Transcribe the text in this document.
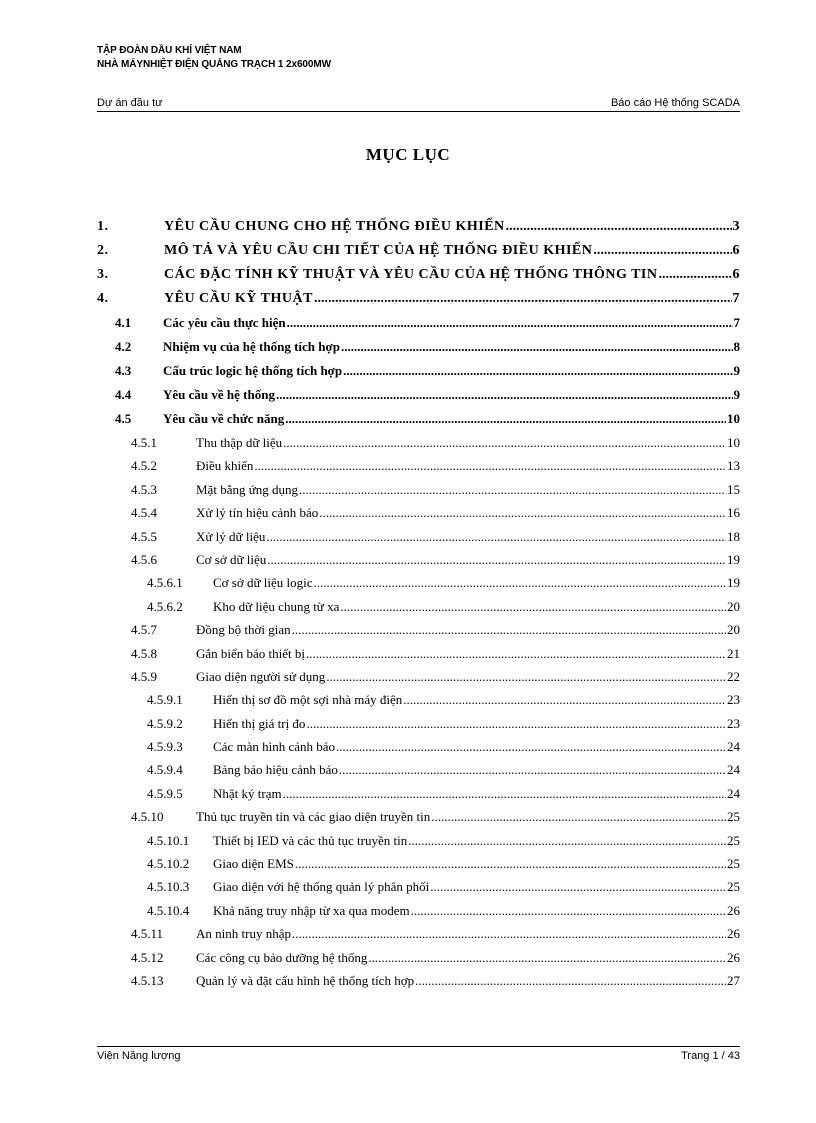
TẬP ĐOÀN DẦU KHÍ VIỆT NAM
NHÀ MÁYNHIỆT ĐIỆN QUẢNG TRẠCH 1 2x600MW
Dự án đầu tư	Báo cáo Hệ thống SCADA
MỤC LỤC
1.	YÊU CẦU CHUNG CHO HỆ THỐNG ĐIỀU KHIỂN .....	3
2.	MÔ TẢ VÀ YÊU CẦU CHI TIẾT CỦA HỆ THỐNG ĐIỀU KHIỂN .....	6
3.	CÁC ĐẶC TÍNH KỸ THUẬT VÀ YÊU CẦU CỦA HỆ THỐNG THÔNG TIN .....	6
4.	YÊU CẦU KỸ THUẬT .....	7
4.1	Các yêu cầu thực hiện .....	7
4.2	Nhiệm vụ của hệ thống tích hợp .....	8
4.3	Cấu trúc logic hệ thống tích hợp .....	9
4.4	Yêu cầu về hệ thống .....	9
4.5	Yêu cầu về chức năng .....	10
4.5.1	Thu thập dữ liệu .....	10
4.5.2	Điều khiển .....	13
4.5.3	Mặt bằng ứng dụng .....	15
4.5.4	Xử lý tín hiệu cảnh báo .....	16
4.5.5	Xử lý dữ liệu .....	18
4.5.6	Cơ sở dữ liệu .....	19
4.5.6.1	Cơ sở dữ liệu logic .....	19
4.5.6.2	Kho dữ liệu chung từ xa .....	20
4.5.7	Đồng bộ thời gian .....	20
4.5.8	Gắn biển báo thiết bị .....	21
4.5.9	Giao diện người sử dụng .....	22
4.5.9.1	Hiển thị sơ đồ một sợi nhà máy điện .....	23
4.5.9.2	Hiển thị giá trị đo .....	23
4.5.9.3	Các màn hình cảnh báo .....	24
4.5.9.4	Bảng báo hiệu cảnh báo .....	24
4.5.9.5	Nhật ký trạm .....	24
4.5.10	Thủ tục truyền tin và các giao diện truyền tin .....	25
4.5.10.1	Thiết bị IED và các thủ tục truyền tin .....	25
4.5.10.2	Giao diện EMS .....	25
4.5.10.3	Giao diện với hệ thống quản lý phân phối .....	25
4.5.10.4	Khả năng truy nhập từ xa qua modem .....	26
4.5.11	An ninh truy nhập .....	26
4.5.12	Các công cụ bảo dưỡng hệ thống .....	26
4.5.13	Quản lý và đặt cấu hình hệ thống tích hợp .....	27
Viện Năng lượng	Trang 1 / 43
